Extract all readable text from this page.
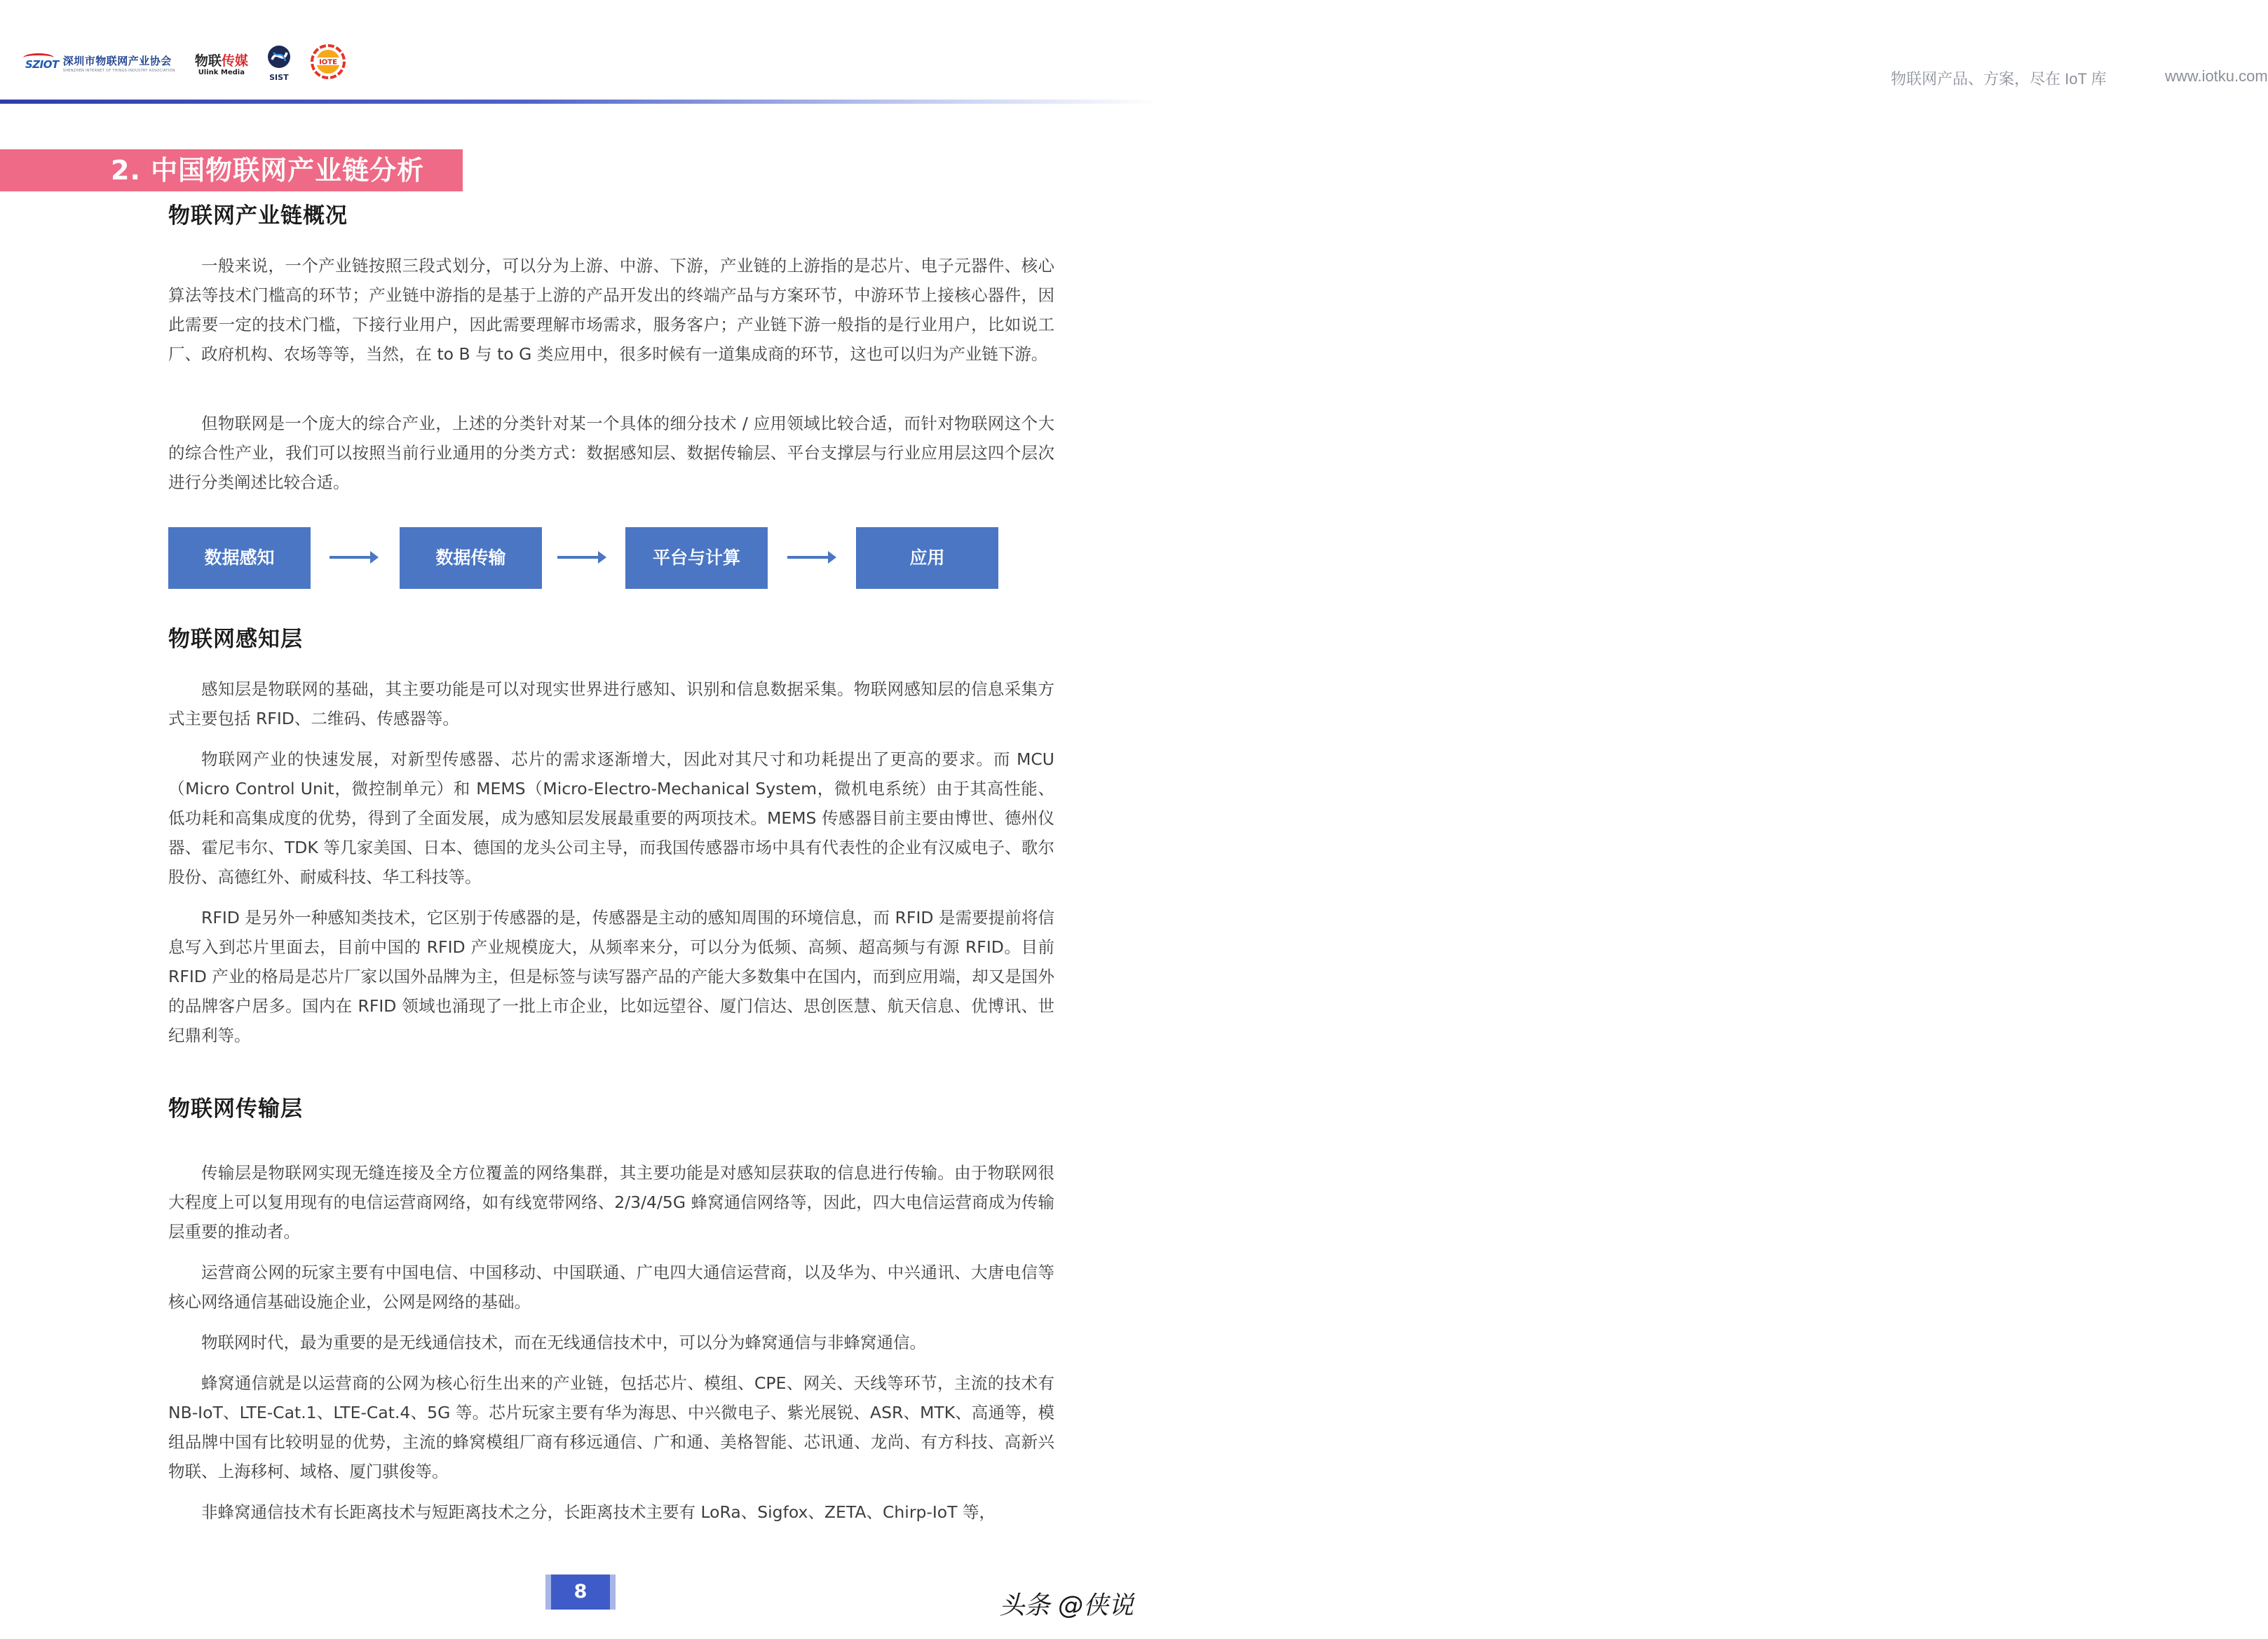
SZIOT 深圳市物联网产业协会
SHENZHEN INTERNET OF THINGS INDUSTRY ASSOCIATION
物联传媒
Ulink Media
SIST
IOTE
物联网产品、方案，尽在 IoT 库	www.iotku.com
2. 中国物联网产业链分析
物联网产业链概况

一般来说，一个产业链按照三段式划分，可以分为上游、中游、下游，产业链的上游指的是芯片、电子元器件、核心算法等技术门槛高的环节；产业链中游指的是基于上游的产品开发出的终端产品与方案环节，中游环节上接核心器件，因此需要一定的技术门槛，下接行业用户，因此需要理解市场需求，服务客户；产业链下游一般指的是行业用户，比如说工厂、政府机构、农场等等，当然，在 to B 与 to G 类应用中，很多时候有一道集成商的环节，这也可以归为产业链下游。

但物联网是一个庞大的综合产业，上述的分类针对某一个具体的细分技术 / 应用领域比较合适，而针对物联网这个大的综合性产业，我们可以按照当前行业通用的分类方式：数据感知层、数据传输层、平台支撑层与行业应用层这四个层次进行分类阐述比较合适。

数据感知	数据传输	平台与计算	应用
物联网感知层

感知层是物联网的基础，其主要功能是可以对现实世界进行感知、识别和信息数据采集。物联网感知层的信息采集方式主要包括 RFID、二维码、传感器等。

物联网产业的快速发展，对新型传感器、芯片的需求逐渐增大，因此对其尺寸和功耗提出了更高的要求。而 MCU（Micro Control Unit，微控制单元）和 MEMS（Micro-Electro-Mechanical System，微机电系统）由于其高性能、低功耗和高集成度的优势，得到了全面发展，成为感知层发展最重要的两项技术。MEMS 传感器目前主要由博世、德州仪器、霍尼韦尔、TDK 等几家美国、日本、德国的龙头公司主导，而我国传感器市场中具有代表性的企业有汉威电子、歌尔股份、高德红外、耐威科技、华工科技等。

RFID 是另外一种感知类技术，它区别于传感器的是，传感器是主动的感知周围的环境信息，而 RFID 是需要提前将信息写入到芯片里面去，目前中国的 RFID 产业规模庞大，从频率来分，可以分为低频、高频、超高频与有源 RFID。目前 RFID 产业的格局是芯片厂家以国外品牌为主，但是标签与读写器产品的产能大多数集中在国内，而到应用端，却又是国外的品牌客户居多。国内在 RFID 领域也涌现了一批上市企业，比如远望谷、厦门信达、思创医慧、航天信息、优博讯、世纪鼎利等。

物联网传输层

传输层是物联网实现无缝连接及全方位覆盖的网络集群，其主要功能是对感知层获取的信息进行传输。由于物联网很大程度上可以复用现有的电信运营商网络，如有线宽带网络、2/3/4/5G 蜂窝通信网络等，因此，四大电信运营商成为传输层重要的推动者。

运营商公网的玩家主要有中国电信、中国移动、中国联通、广电四大通信运营商，以及华为、中兴通讯、大唐电信等核心网络通信基础设施企业，公网是网络的基础。

物联网时代，最为重要的是无线通信技术，而在无线通信技术中，可以分为蜂窝通信与非蜂窝通信。

蜂窝通信就是以运营商的公网为核心衍生出来的产业链，包括芯片、模组、CPE、网关、天线等环节，主流的技术有 NB-IoT、LTE-Cat.1、LTE-Cat.4、5G 等。芯片玩家主要有华为海思、中兴微电子、紫光展锐、ASR、MTK、高通等，模组品牌中国有比较明显的优势，主流的蜂窝模组厂商有移远通信、广和通、美格智能、芯讯通、龙尚、有方科技、高新兴物联、上海移柯、域格、厦门骐俊等。

非蜂窝通信技术有长距离技术与短距离技术之分，长距离技术主要有 LoRa、Sigfox、ZETA、Chirp-IoT 等，

8	头条 @侠说
